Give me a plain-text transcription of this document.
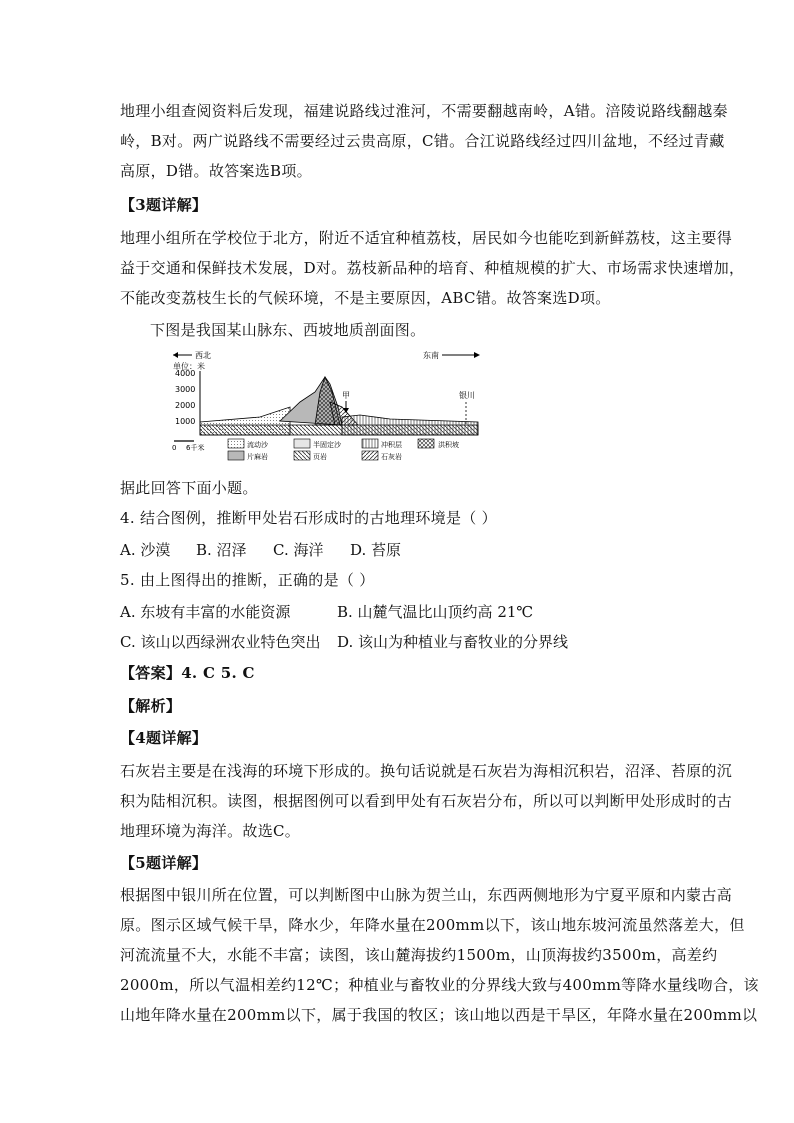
地理小组查阅资料后发现，福建说路线过淮河，不需要翻越南岭，A错。涪陵说路线翻越秦
岭，B对。两广说路线不需要经过云贵高原，C错。合江说路线经过四川盆地，不经过青藏
高原，D错。故答案选B项。
【3题详解】
地理小组所在学校位于北方，附近不适宜种植荔枝，居民如今也能吃到新鲜荔枝，这主要得
益于交通和保鲜技术发展，D对。荔枝新品种的培育、种植规模的扩大、市场需求快速增加，
不能改变荔枝生长的气候环境，不是主要原因，ABC错。故答案选D项。
下图是我国某山脉东、西坡地质剖面图。
西北
单位：米
东南
4000
3000
2000
1000
甲	银川
0 6千米	流动沙	半固定沙	冲积层	洪积坡
片麻岩	页岩	石灰岩
据此回答下面小题。
4. 结合图例，推断甲处岩石形成时的古地理环境是（ ）
A. 沙漠 B. 沼泽 C. 海洋 D. 苔原
5. 由上图得出的推断，正确的是（ ）
A. 东坡有丰富的水能资源	B. 山麓气温比山顶约高 21℃
C. 该山以西绿洲农业特色突出 D. 该山为种植业与畜牧业的分界线
【答案】4. C 5. C
【解析】
【4题详解】
石灰岩主要是在浅海的环境下形成的。换句话说就是石灰岩为海相沉积岩，沼泽、苔原的沉
积为陆相沉积。读图，根据图例可以看到甲处有石灰岩分布，所以可以判断甲处形成时的古
地理环境为海洋。故选C。
【5题详解】
根据图中银川所在位置，可以判断图中山脉为贺兰山，东西两侧地形为宁夏平原和内蒙古高
原。图示区域气候干旱，降水少，年降水量在200mm以下，该山地东坡河流虽然落差大，但
河流流量不大，水能不丰富；读图，该山麓海拔约1500m，山顶海拔约3500m，高差约
2000m，所以气温相差约12℃；种植业与畜牧业的分界线大致与400mm等降水量线吻合，该
山地年降水量在200mm以下，属于我国的牧区；该山地以西是干旱区，年降水量在200mm以
